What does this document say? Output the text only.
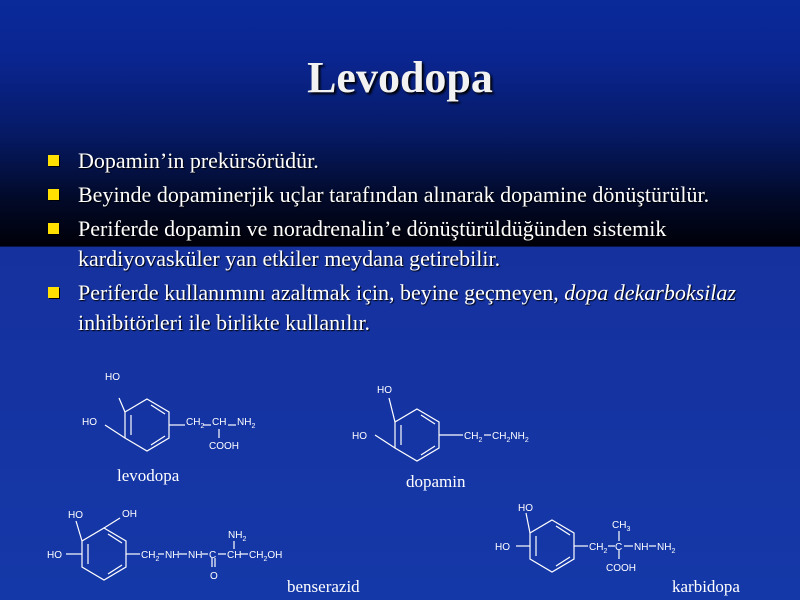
Levodopa
Dopamin’in prekürsörüdür.
Beyinde dopaminerjik uçlar tarafından alınarak dopamine dönüştürülür.
Periferde dopamin ve noradrenalin’e dönüştürüldüğünden sistemik kardiyovasküler yan etkiler meydana getirebilir.
Periferde kullanımını azaltmak için, beyine geçmeyen, dopa dekarboksilaz inhibitörleri ile birlikte kullanılır.
HO
HO	$CH_2$ CH $NH_2$
COOH
levodopa
HO
HO	$CH_2$ $CH_2NH_2$
dopamin
HO	OH
HO	$CH_2$ NH NH C
O
CH
$NH_2$
$CH_2OH$
benserazid
HO
HO	$CH_2$ C
$CH_3$
NH $NH_2$
COOH
karbidopa
